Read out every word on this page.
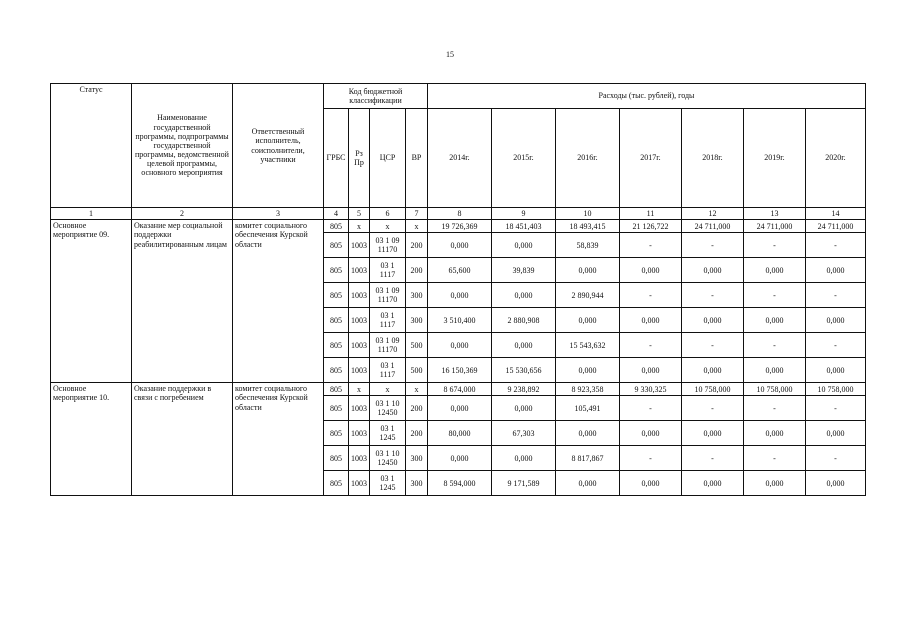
15
Статус	Наименование государственной программы, подпрограммы государственной программы, ведомственной целевой программы, основного мероприятия	Ответственный исполнитель, соисполнители, участники	Код бюджетной классификации				Расходы (тыс. рублей), годы						
			ГРБС	Рз Пр	ЦСР	ВР	2014г.	2015г.	2016г.	2017г.	2018г.	2019г.	2020г.
1	2	3	4	5	6	7	8	9	10	11	12	13	14
Основное мероприятие 09.	Оказание мер социальной поддержки реабилитированным лицам	комитет социального обеспечения Курской области	805	х	х	х	19 726,369	18 451,403	18 493,415	21 126,722	24 711,000	24 711,000	24 711,000
			805	1003	03 1 09 11170	200	0,000	0,000	58,839	-	-	-	-
			805	1003	03 1 1117	200	65,600	39,839	0,000	0,000	0,000	0,000	0,000
			805	1003	03 1 09 11170	300	0,000	0,000	2 890,944	-	-	-	-
			805	1003	03 1 1117	300	3 510,400	2 880,908	0,000	0,000	0,000	0,000	0,000
			805	1003	03 1 09 11170	500	0,000	0,000	15 543,632	-	-	-	-
			805	1003	03 1 1117	500	16 150,369	15 530,656	0,000	0,000	0,000	0,000	0,000
Основное мероприятие 10.	Оказание поддержки в связи с погребением	комитет социального обеспечения Курской области	805	х	х	х	8 674,000	9 238,892	8 923,358	9 330,325	10 758,000	10 758,000	10 758,000
			805	1003	03 1 10 12450	200	0,000	0,000	105,491	-	-	-	-
			805	1003	03 1 1245	200	80,000	67,303	0,000	0,000	0,000	0,000	0,000
			805	1003	03 1 10 12450	300	0,000	0,000	8 817,867	-	-	-	-
			805	1003	03 1 1245	300	8 594,000	9 171,589	0,000	0,000	0,000	0,000	0,000
